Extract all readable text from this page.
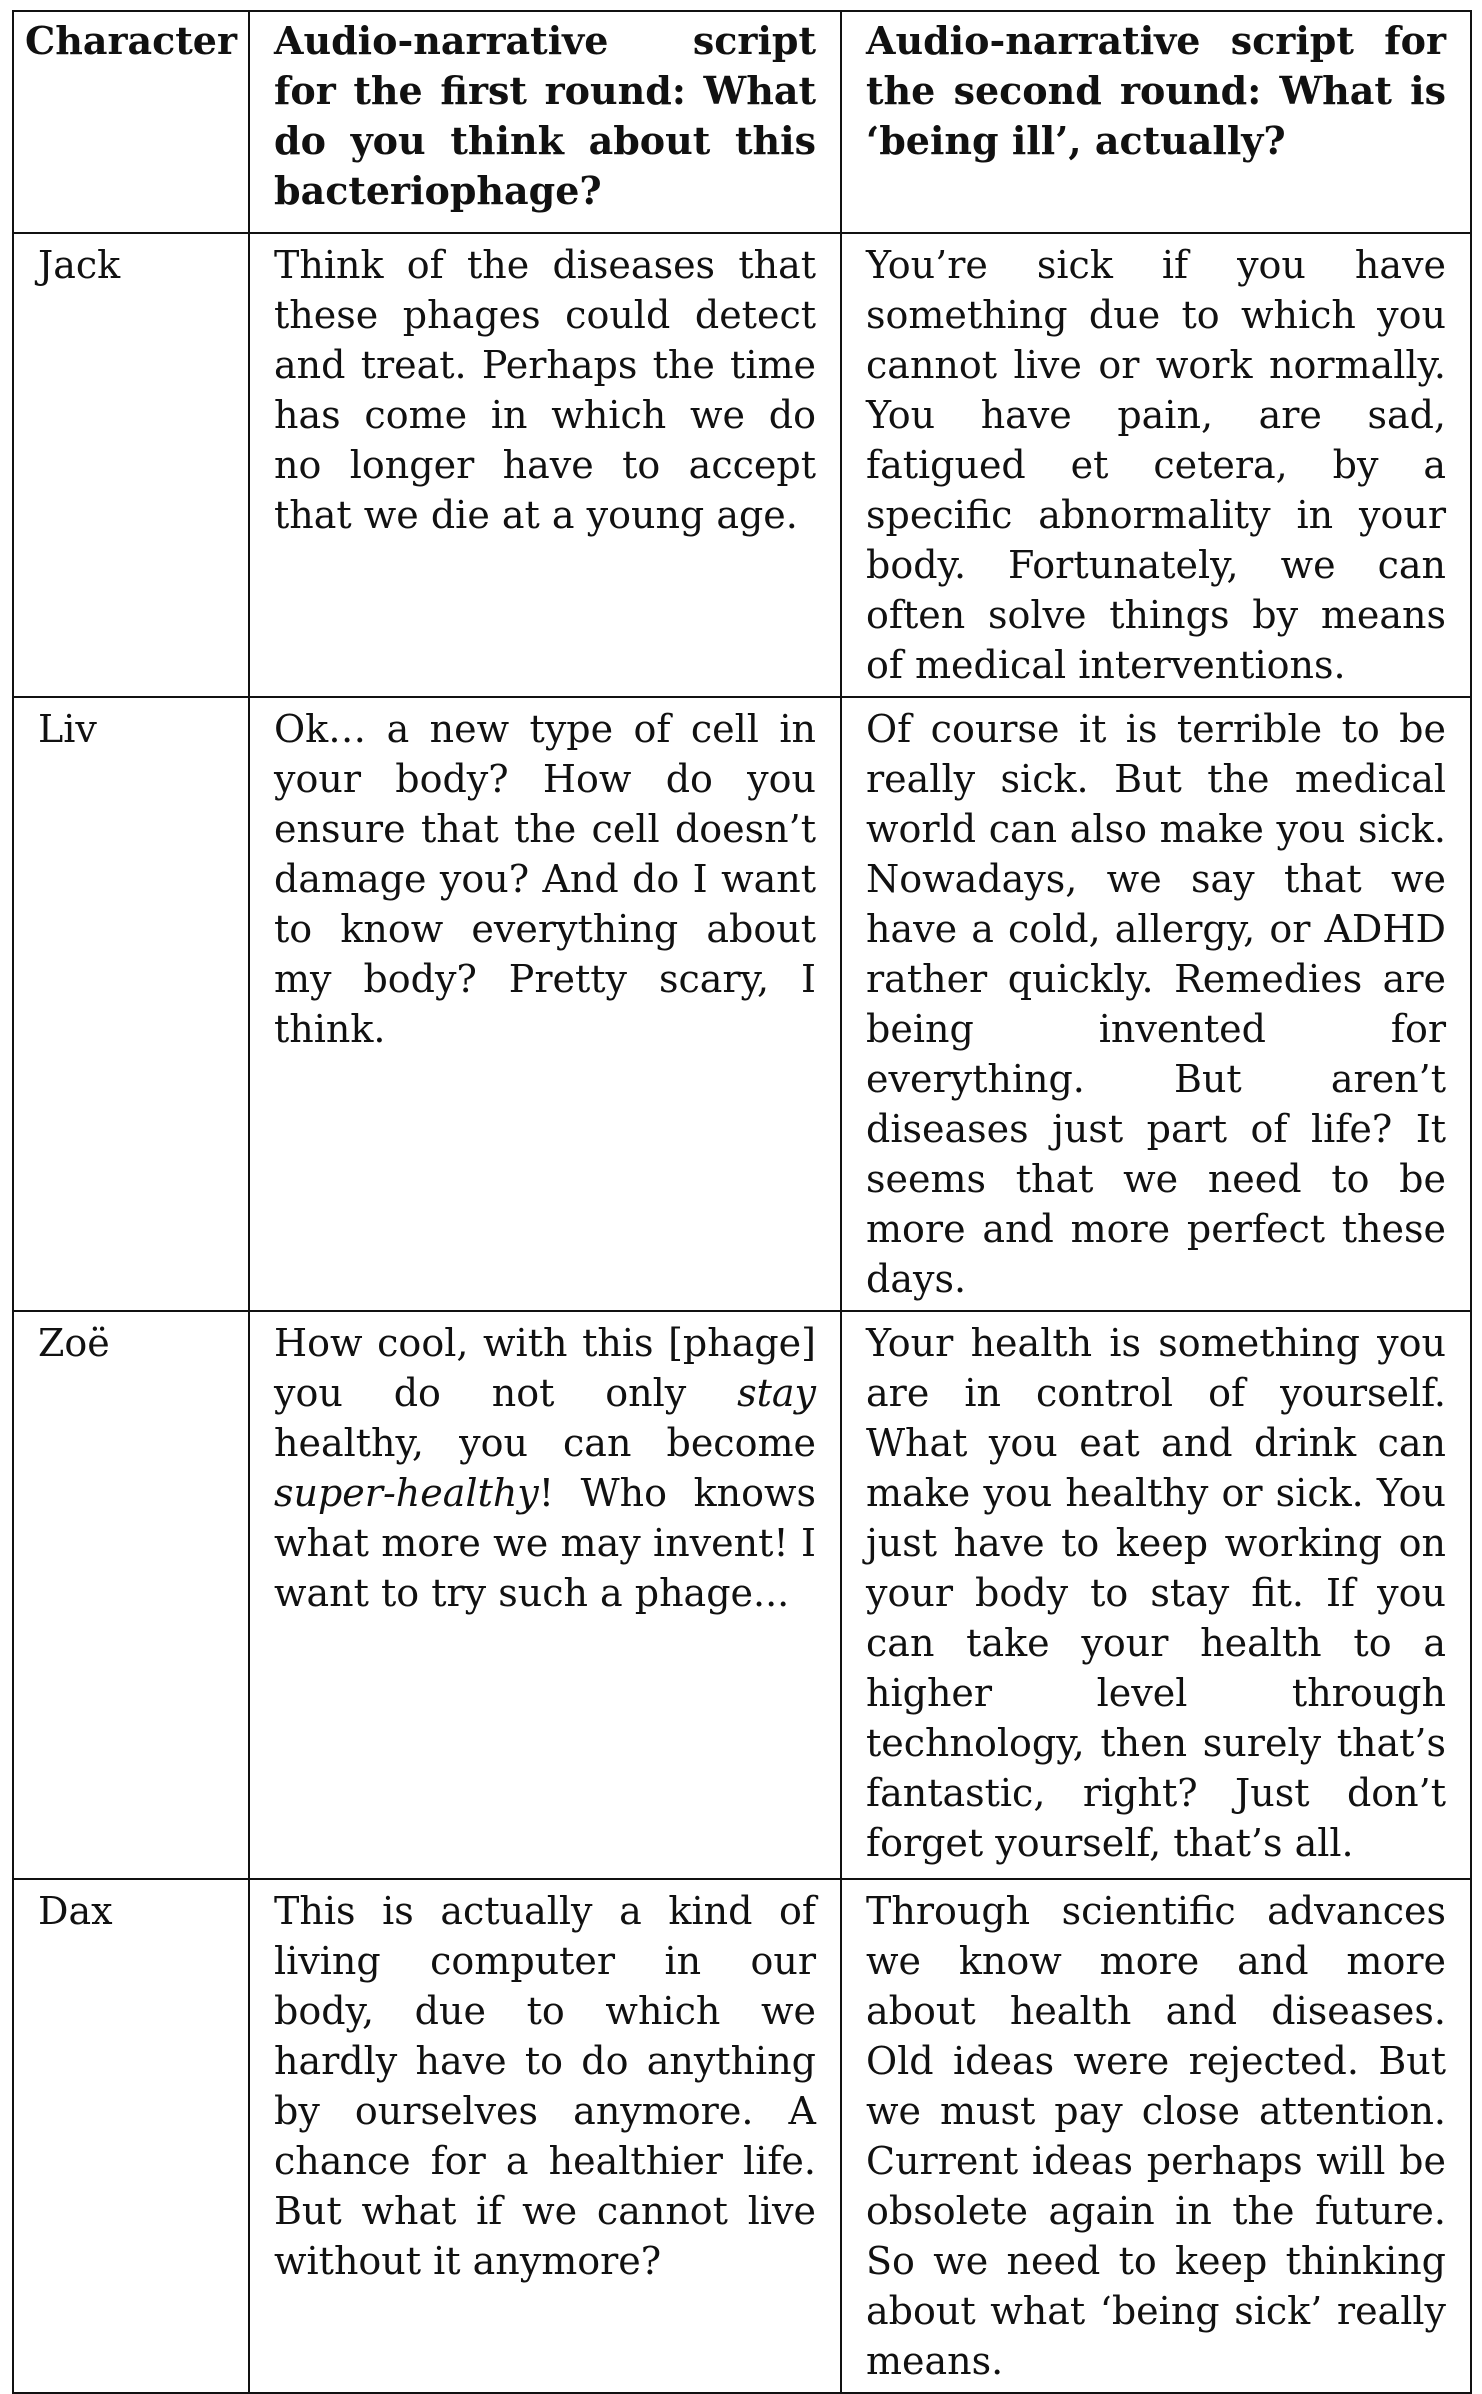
Character	Audio-narrative script for the first round: What do you think about this bacteriophage?	Audio-narrative script for the second round: What is ‘being ill’, actually?
Jack	Think of the diseases that these phages could detect and treat. Perhaps the time has come in which we do no longer have to accept that we die at a young age.	You’re sick if you have something due to which you cannot live or work normally. You have pain, are sad, fatigued et cetera, by a specific abnormality in your body. Fortunately, we can often solve things by means of medical interventions.
Liv	Ok… a new type of cell in your body? How do you ensure that the cell doesn’t damage you? And do I want to know everything about my body? Pretty scary, I think.	Of course it is terrible to be really sick. But the medical world can also make you sick. Nowadays, we say that we have a cold, allergy, or ADHD rather quickly. Remedies are being invented for everything. But aren’t diseases just part of life? It seems that we need to be more and more perfect these days.
Zoë	How cool, with this [phage] you do not only stay healthy, you can become super-healthy! Who knows what more we may invent! I want to try such a phage...	Your health is something you are in control of yourself. What you eat and drink can make you healthy or sick. You just have to keep working on your body to stay fit. If you can take your health to a higher level through technology, then surely that’s fantastic, right? Just don’t forget yourself, that’s all.
Dax	This is actually a kind of living computer in our body, due to which we hardly have to do anything by ourselves anymore. A chance for a healthier life. But what if we cannot live without it anymore?	Through scientific advances we know more and more about health and diseases. Old ideas were rejected. But we must pay close attention. Current ideas perhaps will be obsolete again in the future. So we need to keep thinking about what ‘being sick’ really means.
